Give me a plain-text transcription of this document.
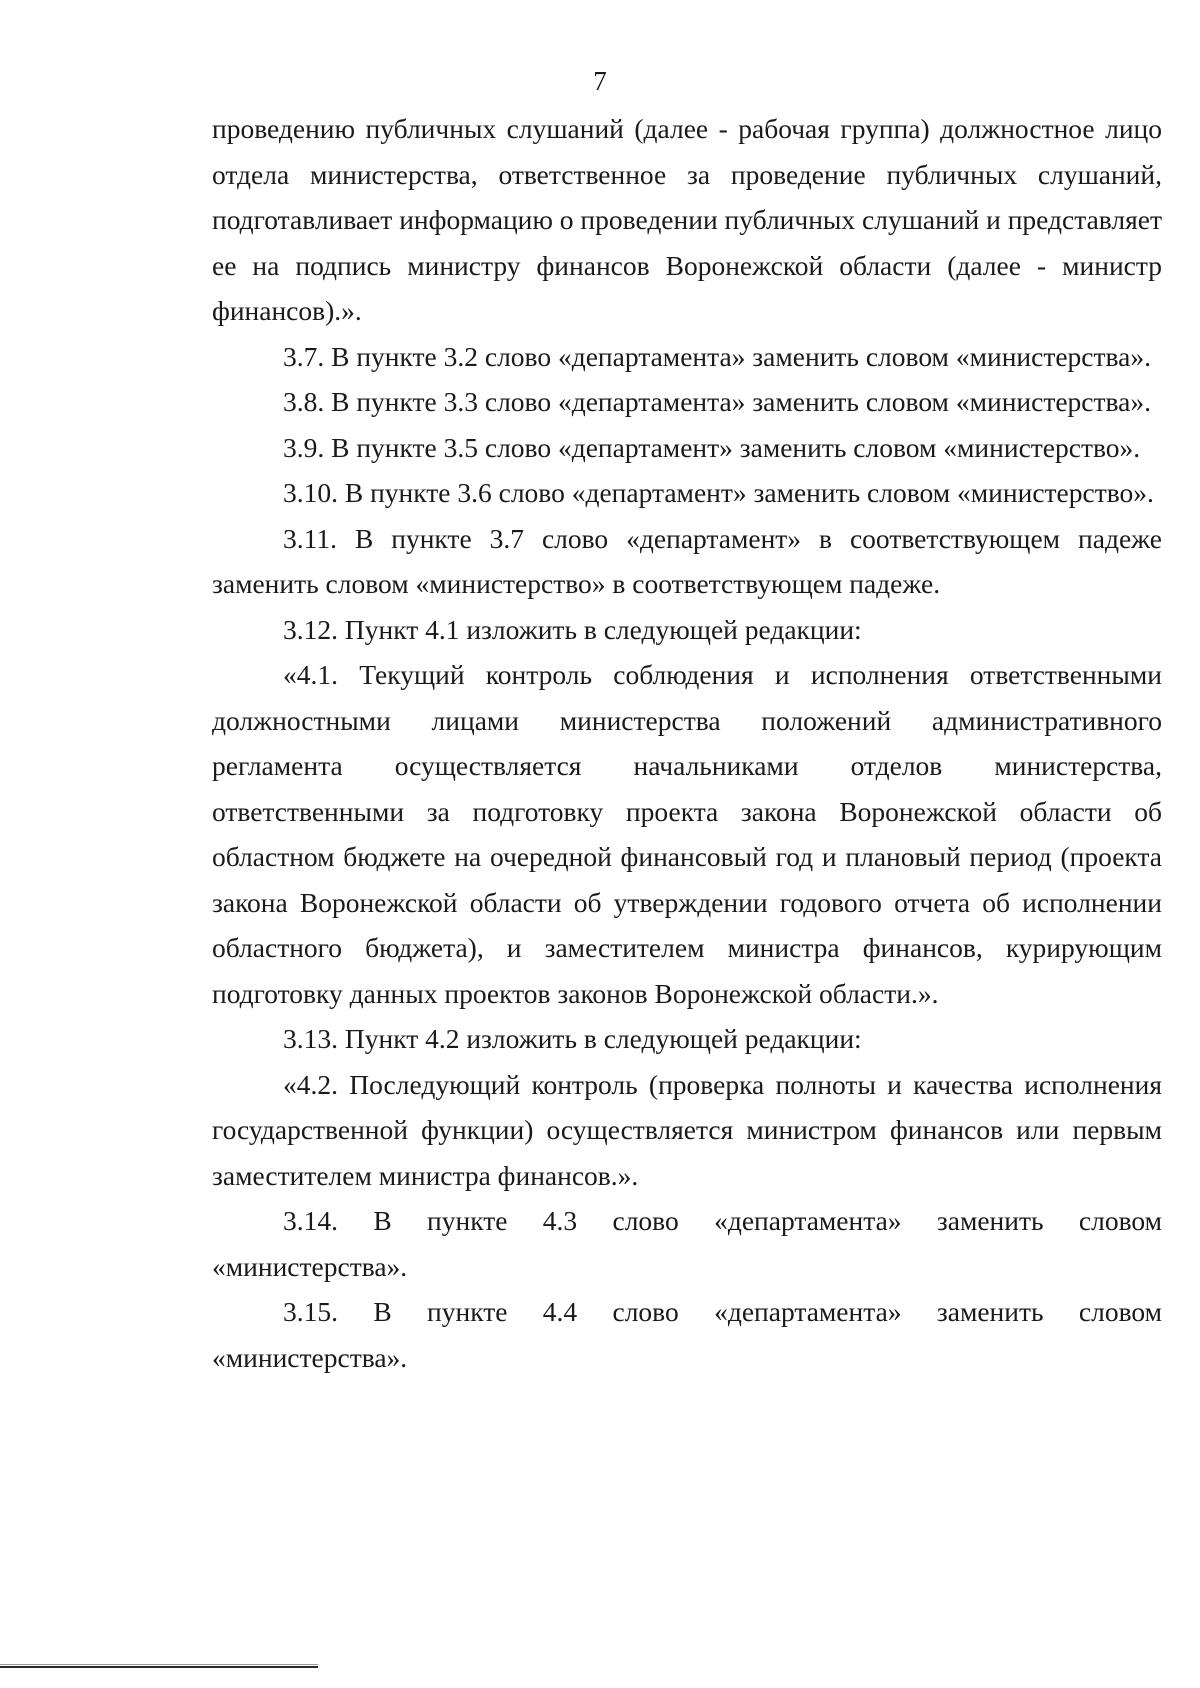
7

проведению публичных слушаний (далее - рабочая группа) должностное лицо отдела министерства, ответственное за проведение публичных слушаний, подготавливает информацию о проведении публичных слушаний и представляет ее на подпись министру финансов Воронежской области (далее - министр финансов).».

3.7. В пункте 3.2 слово «департамента» заменить словом «министерства».

3.8. В пункте 3.3 слово «департамента» заменить словом «министерства».

3.9. В пункте 3.5 слово «департамент» заменить словом «министерство».

3.10. В пункте 3.6 слово «департамент» заменить словом «министерство».

3.11. В пункте 3.7 слово «департамент» в соответствующем падеже заменить словом «министерство» в соответствующем падеже.

3.12. Пункт 4.1 изложить в следующей редакции:

«4.1. Текущий контроль соблюдения и исполнения ответственными должностными лицами министерства положений административного регламента осуществляется начальниками отделов министерства, ответственными за подготовку проекта закона Воронежской области об областном бюджете на очередной финансовый год и плановый период (проекта закона Воронежской области об утверждении годового отчета об исполнении областного бюджета), и заместителем министра финансов, курирующим подготовку данных проектов законов Воронежской области.».

3.13. Пункт 4.2 изложить в следующей редакции:

«4.2. Последующий контроль (проверка полноты и качества исполнения государственной функции) осуществляется министром финансов или первым заместителем министра финансов.».

3.14. В пункте 4.3 слово «департамента» заменить словом «министерства».

3.15. В пункте 4.4 слово «департамента» заменить словом «министерства».
